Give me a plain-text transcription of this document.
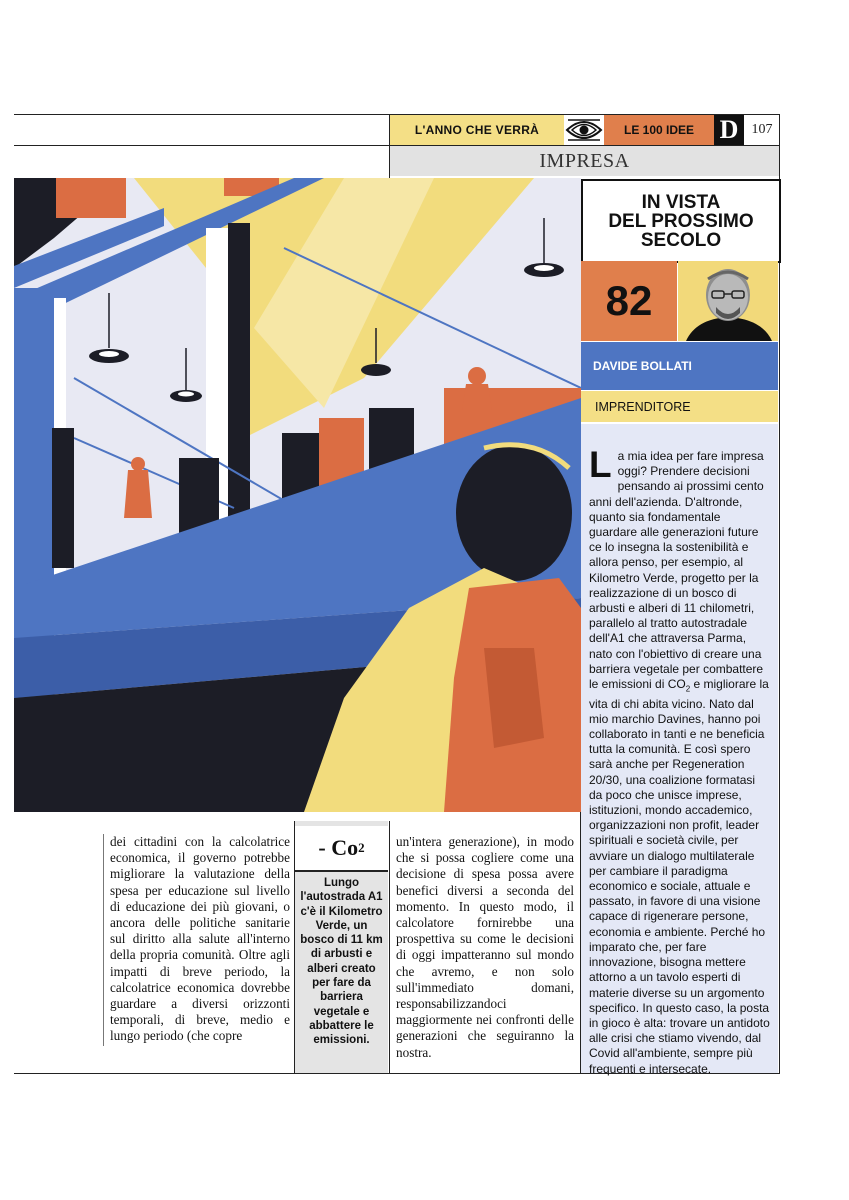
L'ANNO CHE VERRÀ	LE 100 IDEE D 107
IMPRESA
IN VISTA
DEL PROSSIMO
SECOLO
82
DAVIDE BOLLATI
IMPRENDITORE

La mia idea per fare impresa oggi? Prendere decisioni pensando ai prossimi cento anni dell'azienda. D'altronde, quanto sia fondamentale guardare alle generazioni future ce lo insegna la sostenibilità e allora penso, per esempio, al Kilometro Verde, progetto per la realizzazione di un bosco di arbusti e alberi di 11 chilometri, parallelo al tratto autostradale dell'A1 che attraversa Parma, nato con l'obiettivo di creare una barriera vegetale per combattere le emissioni di $CO_2$ e migliorare la vita di chi abita vicino. Nato dal mio marchio Davines, hanno poi collaborato in tanti e ne beneficia tutta la comunità. E così spero sarà anche per Regeneration 20/30, una coalizione formatasi da poco che unisce imprese, istituzioni, mondo accademico, organizzazioni non profit, leader spirituali e società civile, per avviare un dialogo multilaterale per cambiare il paradigma economico e sociale, attuale e passato, in favore di una visione capace di rigenerare persone, economia e ambiente. Perché ho imparato che, per fare innovazione, bisogna mettere attorno a un tavolo esperti di materie diverse su un argomento specifico. In questo caso, la posta in gioco è alta: trovare un antidoto alle crisi che stiamo vivendo, dal Covid all'ambiente, sempre più frequenti e intersecate.

dei cittadini con la calcolatrice economica, il governo potrebbe migliorare la valutazione della spesa per educazione sul livello di educazione dei più giovani, o ancora delle politiche sanitarie sul diritto alla salute all'interno della propria comunità. Oltre agli impatti di breve periodo, la calcolatrice economica dovrebbe guardare a diversi orizzonti temporali, di breve, medio e lungo periodo (che copre
- Co 2
Lungo l'autostrada A1 c'è il Kilometro Verde, un bosco di 11 km di arbusti e alberi creato per fare da barriera vegetale e abbattere le emissioni.
un'intera generazione), in modo che si possa cogliere come una decisione di spesa possa avere benefici diversi a seconda del momento. In questo modo, il calcolatore fornirebbe una prospettiva su come le decisioni di oggi impatteranno sul mondo che avremo, e non solo sull'immediato domani, responsabilizzandoci maggiormente nei confronti delle generazioni che seguiranno la nostra.
